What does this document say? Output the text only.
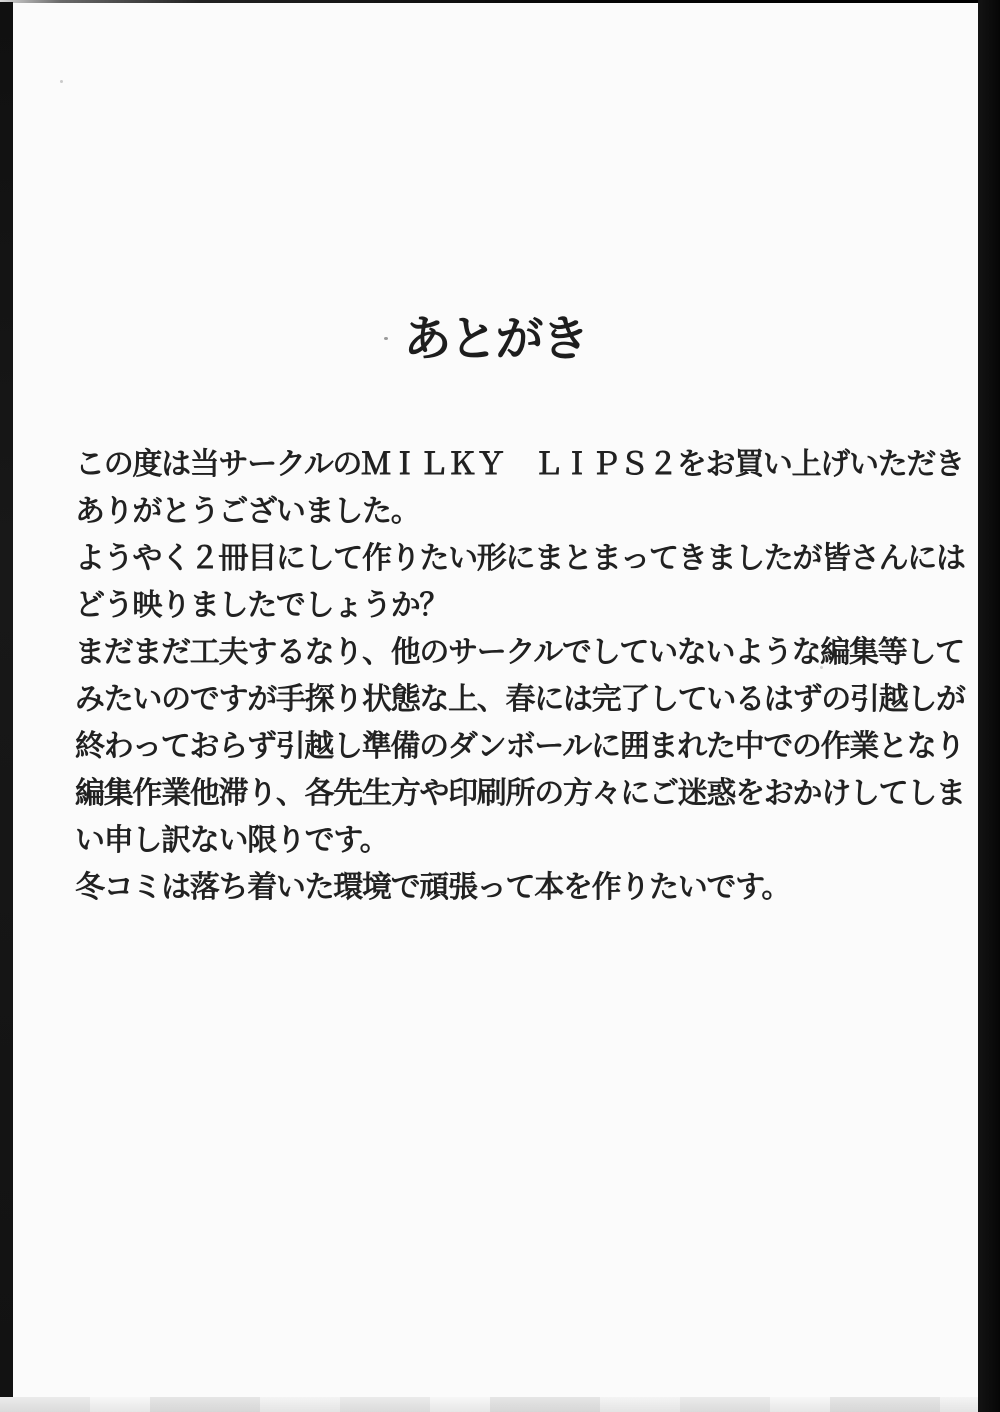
あとがき
この度は当サークルのＭＩＬＫＹ　ＬＩＰＳ２をお買い上げいただき
ありがとうございました。
ようやく２冊目にして作りたい形にまとまってきましたが皆さんには
どう映りましたでしょうか？
まだまだ工夫するなり、他のサークルでしていないような編集等して
みたいのですが手探り状態な上、春には完了しているはずの引越しが
終わっておらず引越し準備のダンボールに囲まれた中での作業となり
編集作業他滞り、各先生方や印刷所の方々にご迷惑をおかけしてしま
い申し訳ない限りです。
冬コミは落ち着いた環境で頑張って本を作りたいです。
